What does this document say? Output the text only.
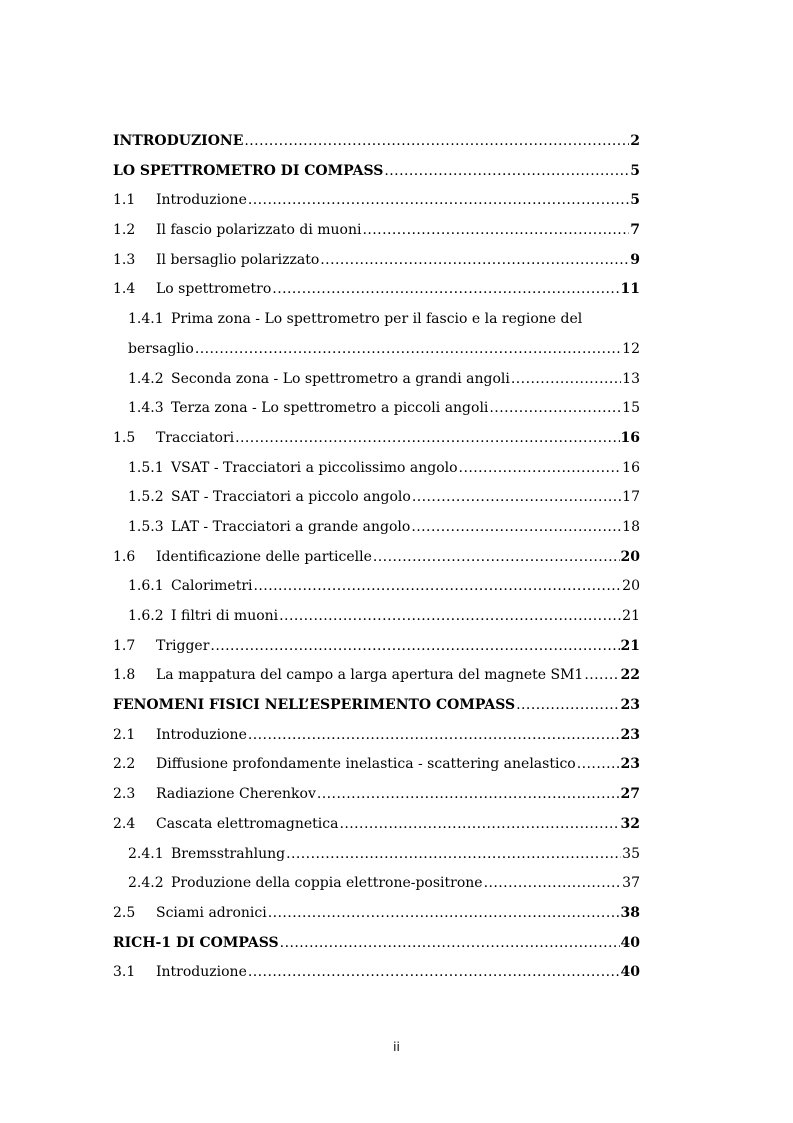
INTRODUZIONE . . .	2
LO SPETTROMETRO DI COMPASS . . .	5
1.1	Introduzione . . .	5
1.2	Il fascio polarizzato di muoni . . .	7
1.3	Il bersaglio polarizzato . . .	9
1.4	Lo spettrometro . . .	11
1.4.1 Prima zona - Lo spettrometro per il fascio e la regione del
bersaglio . . .	12
1.4.2 Seconda zona - Lo spettrometro a grandi angoli . . .	13
1.4.3 Terza zona - Lo spettrometro a piccoli angoli . . .	15
1.5	Tracciatori . . .	16
1.5.1 VSAT - Tracciatori a piccolissimo angolo . . .	16
1.5.2 SAT - Tracciatori a piccolo angolo . . .	17
1.5.3 LAT - Tracciatori a grande angolo . . .	18
1.6	Identificazione delle particelle . . .	20
1.6.1 Calorimetri . . .	20
1.6.2 I filtri di muoni . . .	21
1.7	Trigger . . .	21
1.8	La mappatura del campo a larga apertura del magnete SM1 . . .	22
FENOMENI FISICI NELL’ESPERIMENTO COMPASS . . .	23
2.1	Introduzione . . .	23
2.2	Diffusione profondamente inelastica - scattering anelastico . . .	23
2.3	Radiazione Cherenkov . . .	27
2.4	Cascata elettromagnetica . . .	32
2.4.1 Bremsstrahlung . . .	35
2.4.2 Produzione della coppia elettrone-positrone . . .	37
2.5	Sciami adronici . . .	38
RICH-1 DI COMPASS . . .	40
3.1	Introduzione . . .	40
ii
